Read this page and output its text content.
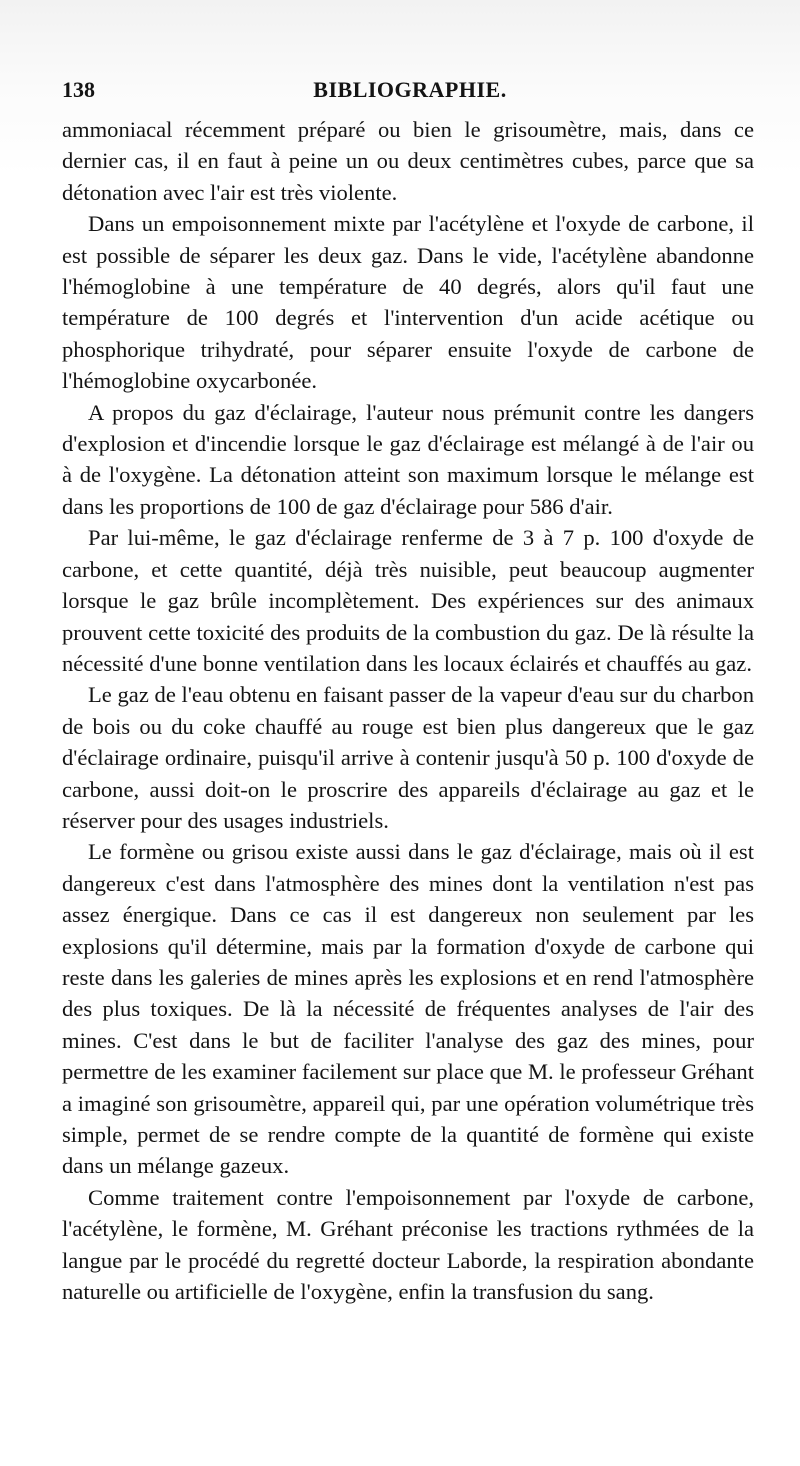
138	BIBLIOGRAPHIE.

ammoniacal récemment préparé ou bien le grisoumètre, mais, dans ce dernier cas, il en faut à peine un ou deux centimètres cubes, parce que sa détonation avec l'air est très violente.

Dans un empoisonnement mixte par l'acétylène et l'oxyde de carbone, il est possible de séparer les deux gaz. Dans le vide, l'acétylène abandonne l'hémoglobine à une température de 40 degrés, alors qu'il faut une température de 100 degrés et l'intervention d'un acide acétique ou phosphorique trihydraté, pour séparer ensuite l'oxyde de carbone de l'hémoglobine oxycarbonée.

A propos du gaz d'éclairage, l'auteur nous prémunit contre les dangers d'explosion et d'incendie lorsque le gaz d'éclairage est mélangé à de l'air ou à de l'oxygène. La détonation atteint son maximum lorsque le mélange est dans les proportions de 100 de gaz d'éclairage pour 586 d'air.

Par lui-même, le gaz d'éclairage renferme de 3 à 7 p. 100 d'oxyde de carbone, et cette quantité, déjà très nuisible, peut beaucoup augmenter lorsque le gaz brûle incomplètement. Des expériences sur des animaux prouvent cette toxicité des produits de la combustion du gaz. De là résulte la nécessité d'une bonne ventilation dans les locaux éclairés et chauffés au gaz.

Le gaz de l'eau obtenu en faisant passer de la vapeur d'eau sur du charbon de bois ou du coke chauffé au rouge est bien plus dangereux que le gaz d'éclairage ordinaire, puisqu'il arrive à contenir jusqu'à 50 p. 100 d'oxyde de carbone, aussi doit-on le proscrire des appareils d'éclairage au gaz et le réserver pour des usages industriels.

Le formène ou grisou existe aussi dans le gaz d'éclairage, mais où il est dangereux c'est dans l'atmosphère des mines dont la ventilation n'est pas assez énergique. Dans ce cas il est dangereux non seulement par les explosions qu'il détermine, mais par la formation d'oxyde de carbone qui reste dans les galeries de mines après les explosions et en rend l'atmosphère des plus toxiques. De là la nécessité de fréquentes analyses de l'air des mines. C'est dans le but de faciliter l'analyse des gaz des mines, pour permettre de les examiner facilement sur place que M. le professeur Gréhant a imaginé son grisoumètre, appareil qui, par une opération volumétrique très simple, permet de se rendre compte de la quantité de formène qui existe dans un mélange gazeux.

Comme traitement contre l'empoisonnement par l'oxyde de carbone, l'acétylène, le formène, M. Gréhant préconise les tractions rythmées de la langue par le procédé du regretté docteur Laborde, la respiration abondante naturelle ou artificielle de l'oxygène, enfin la transfusion du sang.
